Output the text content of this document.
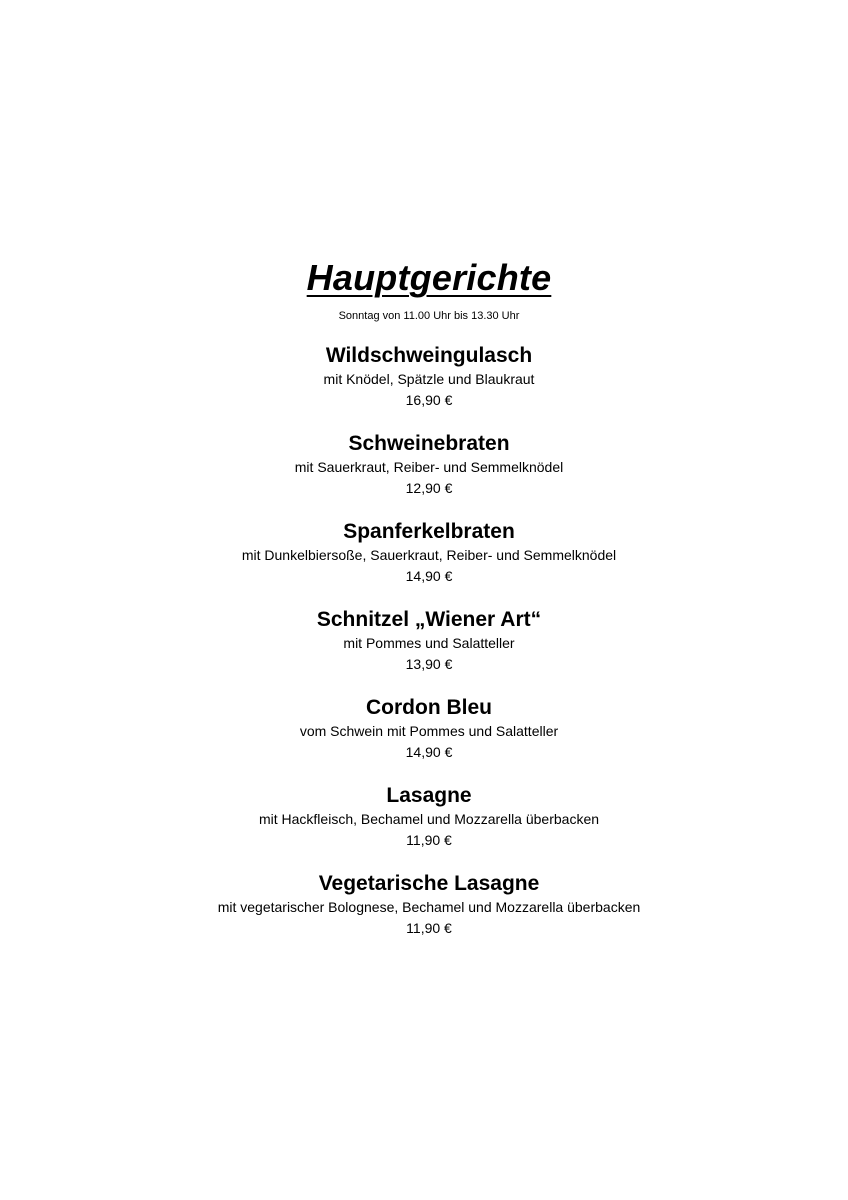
Hauptgerichte
Sonntag von 11.00 Uhr bis 13.30 Uhr
Wildschweingulasch
mit Knödel, Spätzle und Blaukraut
16,90 €
Schweinebraten
mit Sauerkraut, Reiber- und Semmelknödel
12,90 €
Spanferkelbraten
mit Dunkelbiersoße, Sauerkraut, Reiber- und Semmelknödel
14,90 €
Schnitzel „Wiener Art“
mit Pommes und Salatteller
13,90 €
Cordon Bleu
vom Schwein mit Pommes und Salatteller
14,90 €
Lasagne
mit Hackfleisch, Bechamel und Mozzarella überbacken
11,90 €
Vegetarische Lasagne
mit vegetarischer Bolognese, Bechamel und Mozzarella überbacken
11,90 €
